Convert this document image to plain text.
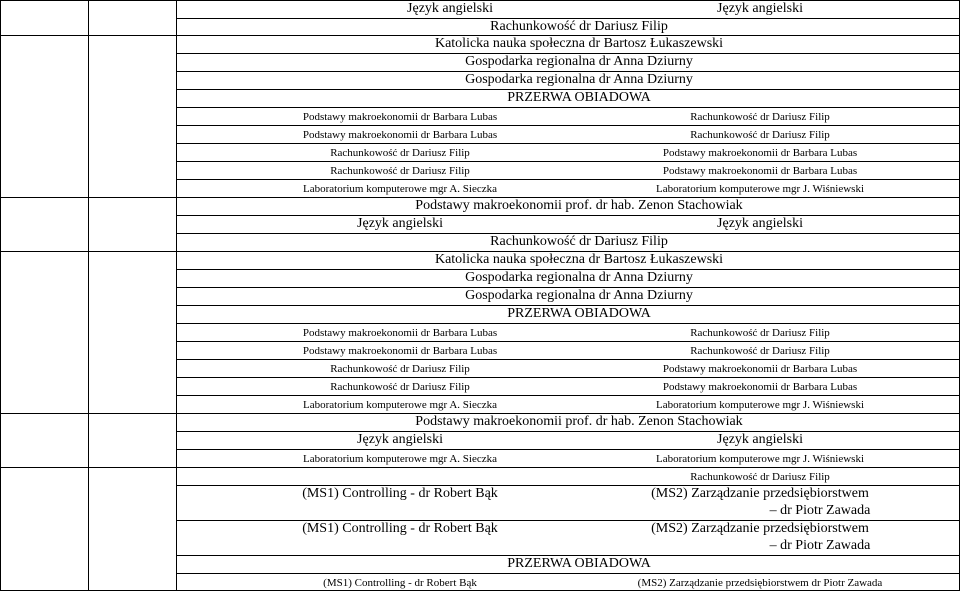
Język angielski	Język angielski
Rachunkowość dr Dariusz Filip
Katolicka nauka społeczna dr Bartosz Łukaszewski
Gospodarka regionalna dr Anna Dziurny
Gospodarka regionalna dr Anna Dziurny
PRZERWA OBIADOWA
Podstawy makroekonomii dr Barbara Lubas	Rachunkowość dr Dariusz Filip
Podstawy makroekonomii dr Barbara Lubas	Rachunkowość dr Dariusz Filip
Rachunkowość dr Dariusz Filip	Podstawy makroekonomii dr Barbara Lubas
Rachunkowość dr Dariusz Filip	Podstawy makroekonomii dr Barbara Lubas
Laboratorium komputerowe mgr A. Sieczka	Laboratorium komputerowe mgr J. Wiśniewski
Podstawy makroekonomii prof. dr hab. Zenon Stachowiak
Język angielski	Język angielski
Rachunkowość dr Dariusz Filip
Katolicka nauka społeczna dr Bartosz Łukaszewski
Gospodarka regionalna dr Anna Dziurny
Gospodarka regionalna dr Anna Dziurny
PRZERWA OBIADOWA
Podstawy makroekonomii dr Barbara Lubas	Rachunkowość dr Dariusz Filip
Podstawy makroekonomii dr Barbara Lubas	Rachunkowość dr Dariusz Filip
Rachunkowość dr Dariusz Filip	Podstawy makroekonomii dr Barbara Lubas
Rachunkowość dr Dariusz Filip	Podstawy makroekonomii dr Barbara Lubas
Laboratorium komputerowe mgr A. Sieczka	Laboratorium komputerowe mgr J. Wiśniewski
Podstawy makroekonomii prof. dr hab. Zenon Stachowiak
Język angielski	Język angielski
Laboratorium komputerowe mgr A. Sieczka	Laboratorium komputerowe mgr J. Wiśniewski
Rachunkowość dr Dariusz Filip
(MS1) Controlling - dr Robert Bąk	(MS2) Zarządzanie przedsiębiorstwem
– dr Piotr Zawada
(MS1) Controlling - dr Robert Bąk	(MS2) Zarządzanie przedsiębiorstwem
– dr Piotr Zawada
PRZERWA OBIADOWA
(MS1) Controlling - dr Robert Bąk	(MS2) Zarządzanie przedsiębiorstwem dr Piotr Zawada
